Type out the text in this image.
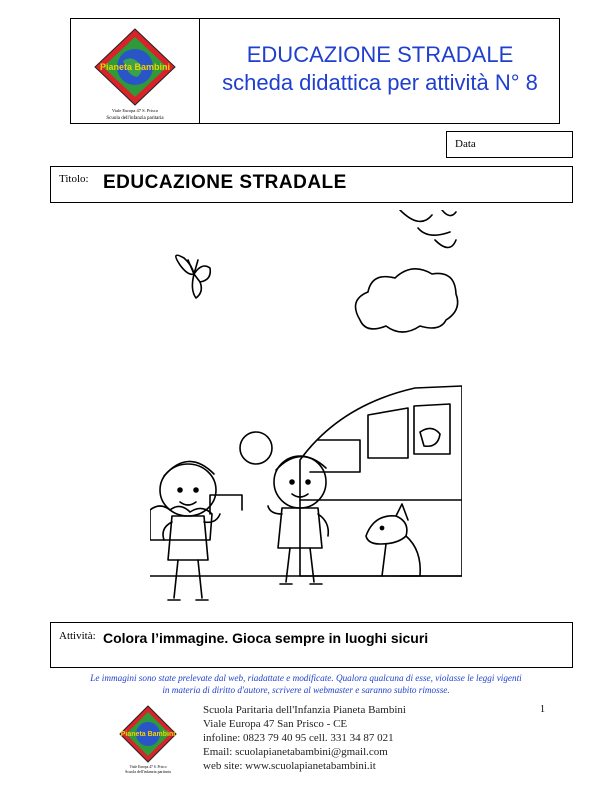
Pianeta Bambini
Viale Europa 47 S. Prisco
Scuola dell'infanzia paritaria
EDUCAZIONE STRADALE
scheda didattica per attività N° 8
Data
Titolo: EDUCAZIONE STRADALE
Attività: Colora l’immagine. Gioca sempre in luoghi sicuri
Le immagini sono state prelevate dal web, riadattate e modificate. Qualora qualcuna di esse, violasse le leggi vigenti
in materia di diritto d'autore, scrivere al webmaster e saranno subito rimosse.
Pianeta Bambini
Viale Europa 47 S. Prisco
Scuola dell'infanzia paritaria
Scuola Paritaria dell'Infanzia Pianeta Bambini
Viale Europa 47 San Prisco - CE
infoline: 0823 79 40 95 cell. 331 34 87 021
Email: scuolapianetabambini@gmail.com
web site: www.scuolapianetabambini.it
1
